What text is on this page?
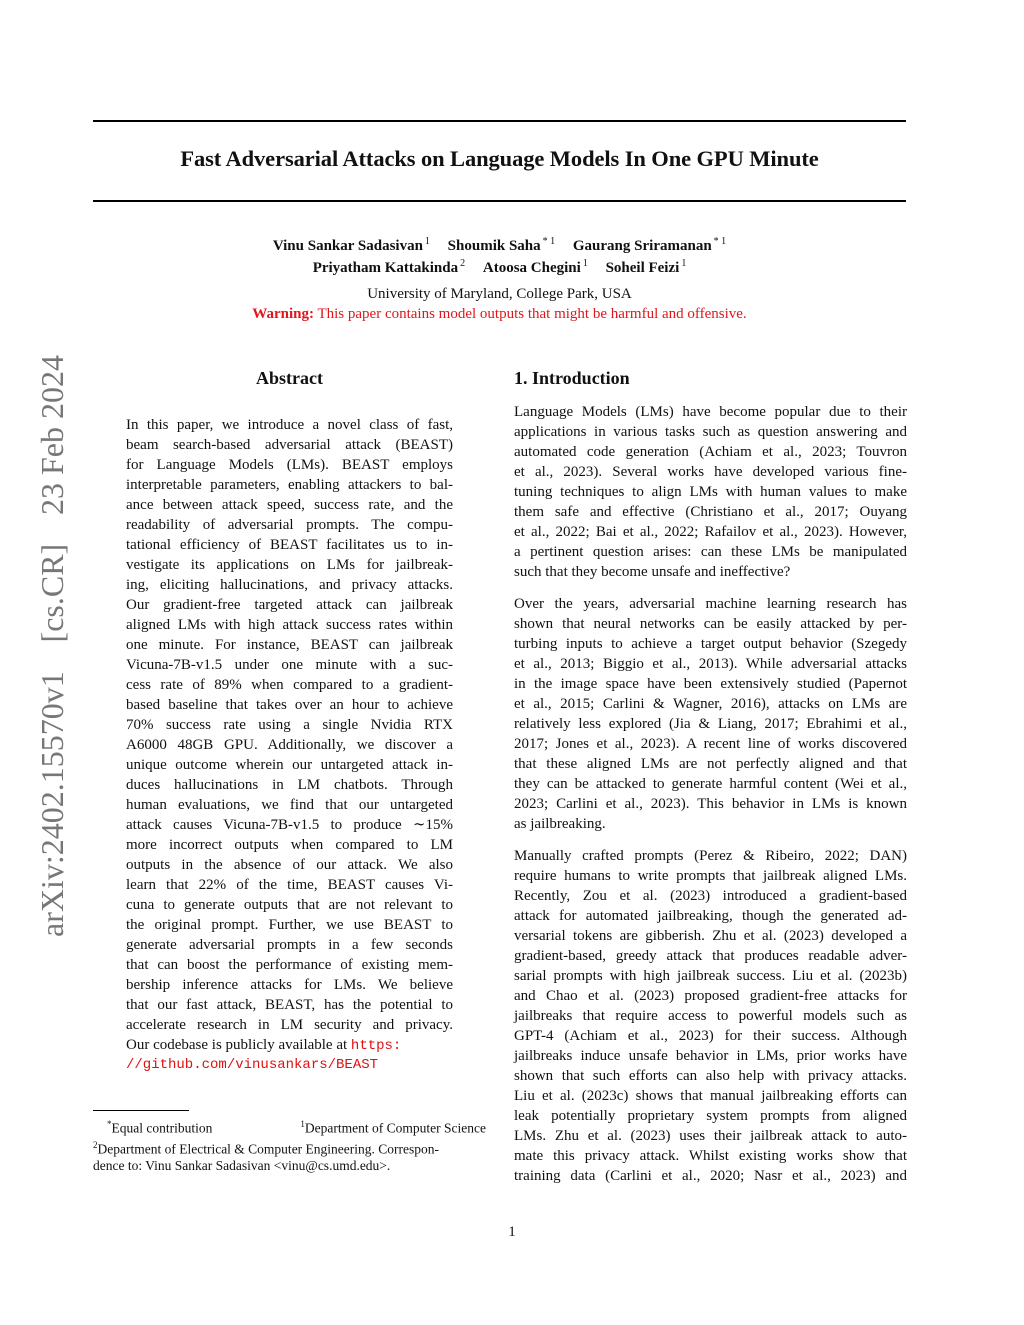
arXiv:2402.15570v1
[cs.CR]
23 Feb 2024
Fast Adversarial Attacks on Language Models In One GPU Minute
Vinu Sankar Sadasivan $^1$ Shoumik Saha $^{* 1}$ Gaurang Sriramanan $^{* 1}$
Priyatham Kattakinda $^2$ Atoosa Chegini $^1$ Soheil Feizi $^1$
University of Maryland, College Park, USA
Warning: This paper contains model outputs that might be harmful and offensive.
Abstract
In this paper, we introduce a novel class of fast,
beam search-based adversarial attack (BEAST)
for Language Models (LMs). BEAST employs
interpretable parameters, enabling attackers to bal-
ance between attack speed, success rate, and the
readability of adversarial prompts. The compu-
tational efficiency of BEAST facilitates us to in-
vestigate its applications on LMs for jailbreak-
ing, eliciting hallucinations, and privacy attacks.
Our gradient-free targeted attack can jailbreak
aligned LMs with high attack success rates within
one minute. For instance, BEAST can jailbreak
Vicuna-7B-v1.5 under one minute with a suc-
cess rate of 89% when compared to a gradient-
based baseline that takes over an hour to achieve
70% success rate using a single Nvidia RTX
A6000 48GB GPU. Additionally, we discover a
unique outcome wherein our untargeted attack in-
duces hallucinations in LM chatbots. Through
human evaluations, we find that our untargeted
attack causes Vicuna-7B-v1.5 to produce ∼15%
more incorrect outputs when compared to LM
outputs in the absence of our attack. We also
learn that 22% of the time, BEAST causes Vi-
cuna to generate outputs that are not relevant to
the original prompt. Further, we use BEAST to
generate adversarial prompts in a few seconds
that can boost the performance of existing mem-
bership inference attacks for LMs. We believe
that our fast attack, BEAST, has the potential to
accelerate research in LM security and privacy.
Our codebase is publicly available at https:
//github.com/vinusankars/BEAST
*Equal contribution	$^1$Department of Computer Science
$^2$Department of Electrical & Computer Engineering. Correspon-
dence to: Vinu Sankar Sadasivan <vinu@cs.umd.edu>.
1. Introduction
Language Models (LMs) have become popular due to their
applications in various tasks such as question answering and
automated code generation (Achiam et al., 2023; Touvron
et al., 2023). Several works have developed various fine-
tuning techniques to align LMs with human values to make
them safe and effective (Christiano et al., 2017; Ouyang
et al., 2022; Bai et al., 2022; Rafailov et al., 2023). However,
a pertinent question arises: can these LMs be manipulated
such that they become unsafe and ineffective?
Over the years, adversarial machine learning research has
shown that neural networks can be easily attacked by per-
turbing inputs to achieve a target output behavior (Szegedy
et al., 2013; Biggio et al., 2013). While adversarial attacks
in the image space have been extensively studied (Papernot
et al., 2015; Carlini & Wagner, 2016), attacks on LMs are
relatively less explored (Jia & Liang, 2017; Ebrahimi et al.,
2017; Jones et al., 2023). A recent line of works discovered
that these aligned LMs are not perfectly aligned and that
they can be attacked to generate harmful content (Wei et al.,
2023; Carlini et al., 2023). This behavior in LMs is known
as jailbreaking.
Manually crafted prompts (Perez & Ribeiro, 2022; DAN)
require humans to write prompts that jailbreak aligned LMs.
Recently, Zou et al. (2023) introduced a gradient-based
attack for automated jailbreaking, though the generated ad-
versarial tokens are gibberish. Zhu et al. (2023) developed a
gradient-based, greedy attack that produces readable adver-
sarial prompts with high jailbreak success. Liu et al. (2023b)
and Chao et al. (2023) proposed gradient-free attacks for
jailbreaks that require access to powerful models such as
GPT-4 (Achiam et al., 2023) for their success. Although
jailbreaks induce unsafe behavior in LMs, prior works have
shown that such efforts can also help with privacy attacks.
Liu et al. (2023c) shows that manual jailbreaking efforts can
leak potentially proprietary system prompts from aligned
LMs. Zhu et al. (2023) uses their jailbreak attack to auto-
mate this privacy attack. Whilst existing works show that
training data (Carlini et al., 2020; Nasr et al., 2023) and
1
